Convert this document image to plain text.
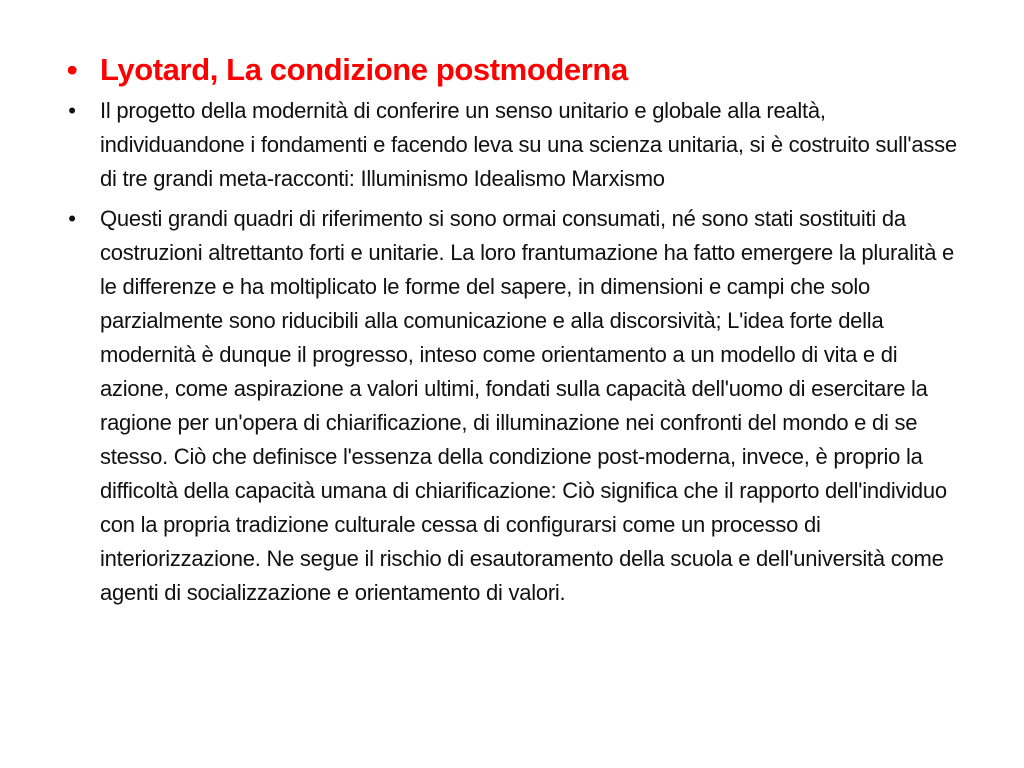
• Lyotard, La condizione postmoderna
• Il progetto della modernità di conferire un senso unitario e globale alla realtà, individuandone i fondamenti e facendo leva su una scienza unitaria, si è costruito sull'asse di tre grandi meta-racconti: Illuminismo Idealismo Marxismo
• Questi grandi quadri di riferimento si sono ormai consumati, né sono stati sostituiti da costruzioni altrettanto forti e unitarie. La loro frantumazione ha fatto emergere la pluralità e le differenze e ha moltiplicato le forme del sapere, in dimensioni e campi che solo parzialmente sono riducibili alla comunicazione e alla discorsività; L'idea forte della modernità è dunque il progresso, inteso come orientamento a un modello di vita e di azione, come aspirazione a valori ultimi, fondati sulla capacità dell'uomo di esercitare la ragione per un'opera di chiarificazione, di illuminazione nei confronti del mondo e di se stesso. Ciò che definisce l'essenza della condizione post-moderna, invece, è proprio la difficoltà della capacità umana di chiarificazione: Ciò significa che il rapporto dell'individuo con la propria tradizione culturale cessa di configurarsi come un processo di interiorizzazione. Ne segue il rischio di esautoramento della scuola e dell'università come agenti di socializzazione e orientamento di valori.
